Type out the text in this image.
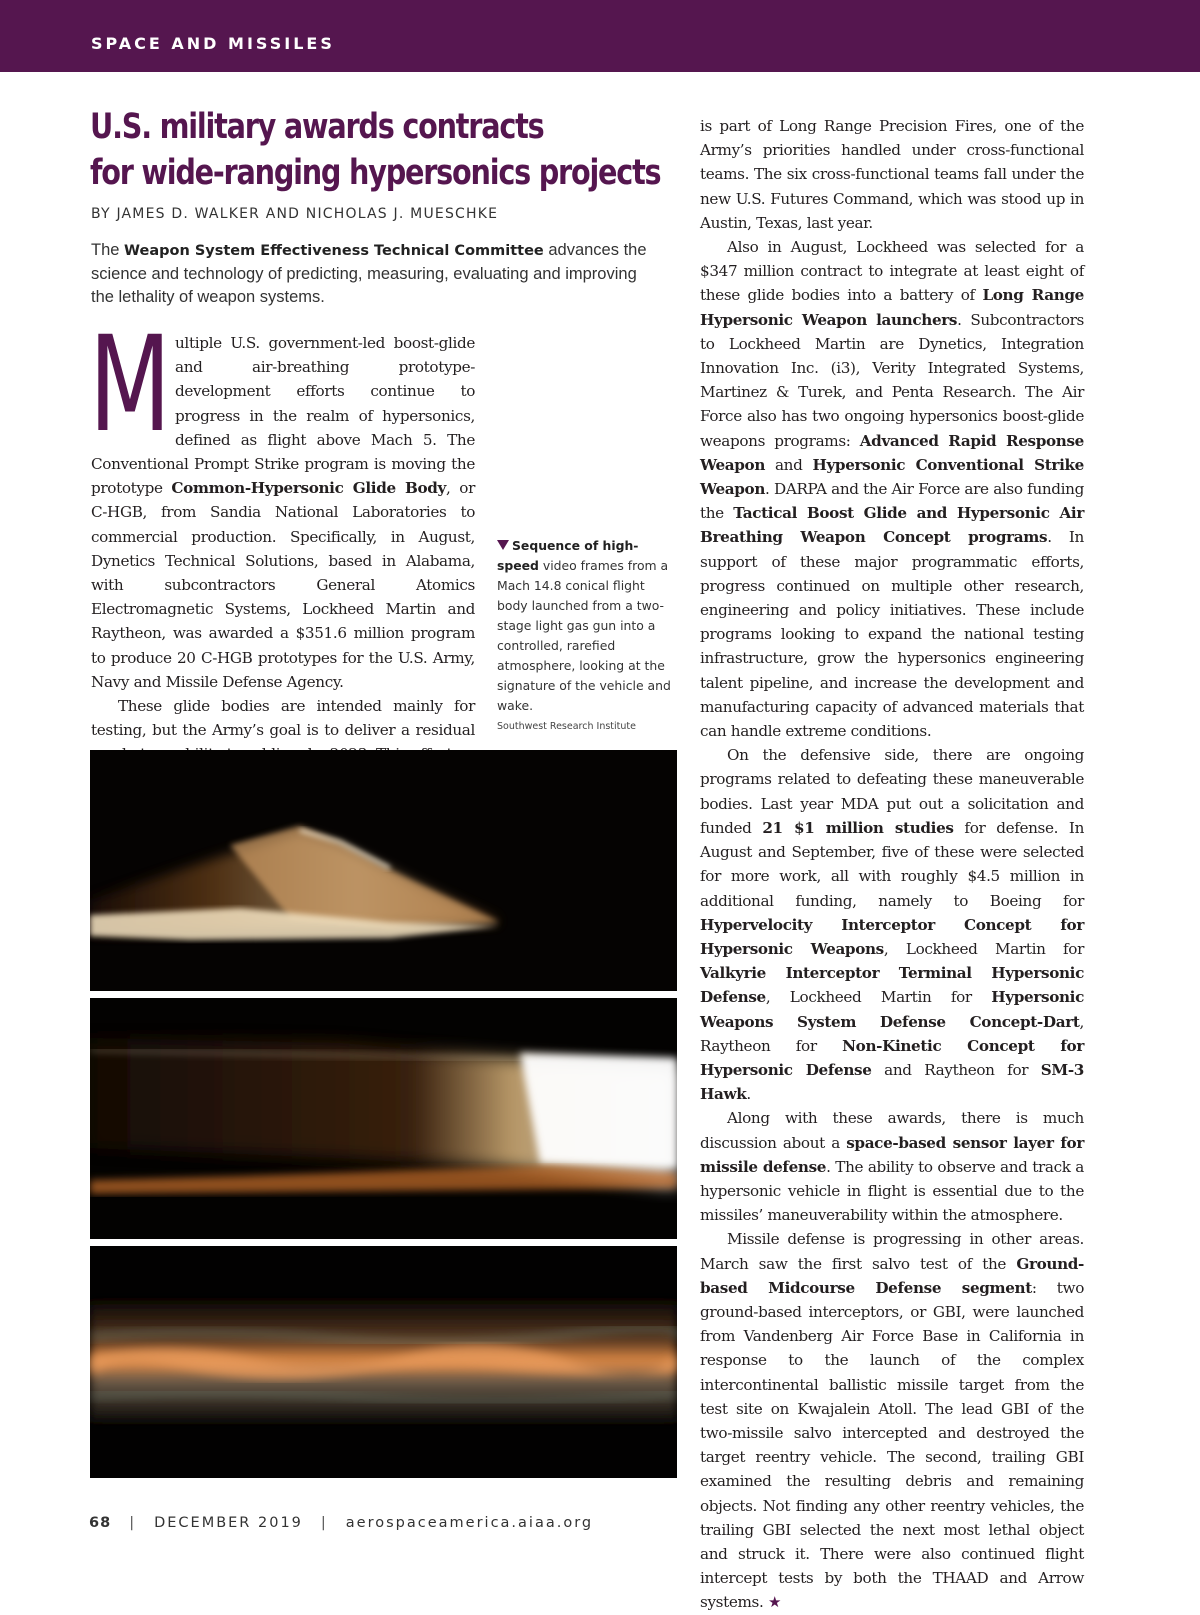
SPACE AND MISSILES
U.S. military awards contracts
for wide-ranging hypersonics projects
BY JAMES D. WALKER AND NICHOLAS J. MUESCHKE
The Weapon System Effectiveness Technical Committee advances the science and technology of predicting, measuring, evaluating and improving the lethality of weapon systems.

Multiple U.S. government-led boost-glide and air-breathing prototype-development efforts continue to progress in the realm of hypersonics, defined as flight above Mach 5. The Conventional Prompt Strike program is moving the prototype Common-Hypersonic Glide Body, or C-HGB, from Sandia National Laboratories to commercial production. Specifically, in August, Dynetics Technical Solutions, based in Alabama, with subcontractors General Atomics Electromagnetic Systems, Lockheed Martin and Raytheon, was awarded a $351.6 million program to produce 20 C-HGB prototypes for the U.S. Army, Navy and Missile Defense Agency.

These glide bodies are intended mainly for testing, but the Army’s goal is to deliver a residual

Sequence of high-speed video frames from a Mach 14.8 conical flight body launched from a two-stage light gas gun into a controlled, rarefied atmosphere, looking at the signature of the vehicle and wake.
Southwest Research Institute

is part of Long Range Precision Fires, one of the Army’s priorities handled under cross-functional teams. The six cross-functional teams fall under the new U.S. Futures Command, which was stood up in Austin, Texas, last year.

Also in August, Lockheed was selected for a $347 million contract to integrate at least eight of these glide bodies into a battery of Long Range Hypersonic Weapon launchers. Subcontractors to Lockheed Martin are Dynetics, Integration Innovation Inc. (i3), Verity Integrated Systems, Martinez & Turek, and Penta Research. The Air Force also has two ongoing hypersonics boost-glide weapons programs: Advanced Rapid Response Weapon and Hypersonic Conventional Strike Weapon. DARPA and the Air Force are also funding the Tactical Boost Glide and Hypersonic Air Breathing Weapon Concept programs. In support of these major programmatic efforts, progress continued on multiple other research, engineering and policy initiatives. These include programs looking to expand the national testing infrastructure, grow the hypersonics engineering talent pipeline, and increase the development and manufacturing capacity of advanced materials that can handle extreme conditions.

On the defensive side, there are ongoing programs related to defeating these maneuverable bodies. Last year MDA put out a solicitation and funded 21 $1 million studies for defense. In August and September, five of these were selected for more work, all with roughly $4.5 million in additional funding, namely to Boeing for Hypervelocity Interceptor Concept for Hypersonic Weapons, Lockheed Martin for Valkyrie Interceptor Terminal Hypersonic Defense, Lockheed Martin for Hypersonic Weapons System Defense Concept-Dart, Raytheon for Non-Kinetic Concept for Hypersonic Defense and Raytheon for SM-3 Hawk.

Along with these awards, there is much discussion about a space-based sensor layer for missile defense. The ability to observe and track a hypersonic vehicle in flight is essential due to the missiles’ maneuverability within the atmosphere.

Missile defense is progressing in other areas. March saw the first salvo test of the Ground-based Midcourse Defense segment: two ground-based interceptors, or GBI, were launched from Vandenberg Air Force Base in California in response to the launch of the complex intercontinental ballistic missile target from the test site on Kwajalein Atoll. The lead GBI of the two-missile salvo intercepted and destroyed the target reentry vehicle. The second, trailing GBI examined the resulting debris and remaining objects. Not finding any other reentry vehicles, the trailing GBI selected the next most lethal object and struck it. There were also continued flight intercept tests by both the THAAD and Arrow systems. ★

68 | DECEMBER 2019 | aerospaceamerica.aiaa.org
